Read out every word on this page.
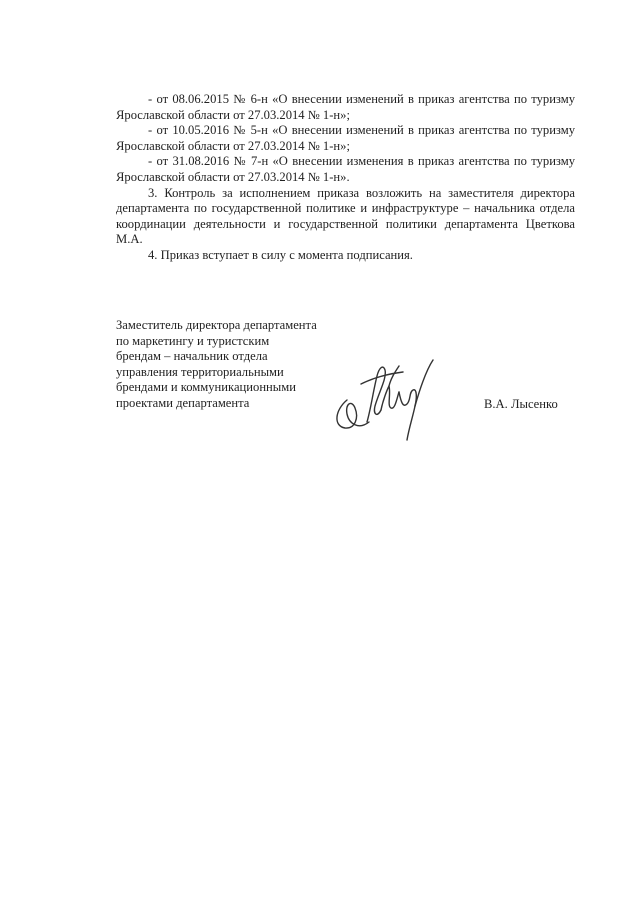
- от 08.06.2015 № 6-н «О внесении изменений в приказ агентства по туризму Ярославской области от 27.03.2014 № 1-н»;

- от 10.05.2016 № 5-н «О внесении изменений в приказ агентства по туризму Ярославской области от 27.03.2014 № 1-н»;

- от 31.08.2016 № 7-н «О внесении изменения в приказ агентства по туризму Ярославской области от 27.03.2014 № 1-н».

3. Контроль за исполнением приказа возложить на заместителя директора департамента по государственной политике и инфраструктуре – начальника отдела координации деятельности и государственной политики департамента Цветкова М.А.

4. Приказ вступает в силу с момента подписания.

Заместитель директора департамента
по маркетингу и туристским
брендам – начальник отдела
управления территориальными
брендами и коммуникационными
проектами департамента	В.А. Лысенко
